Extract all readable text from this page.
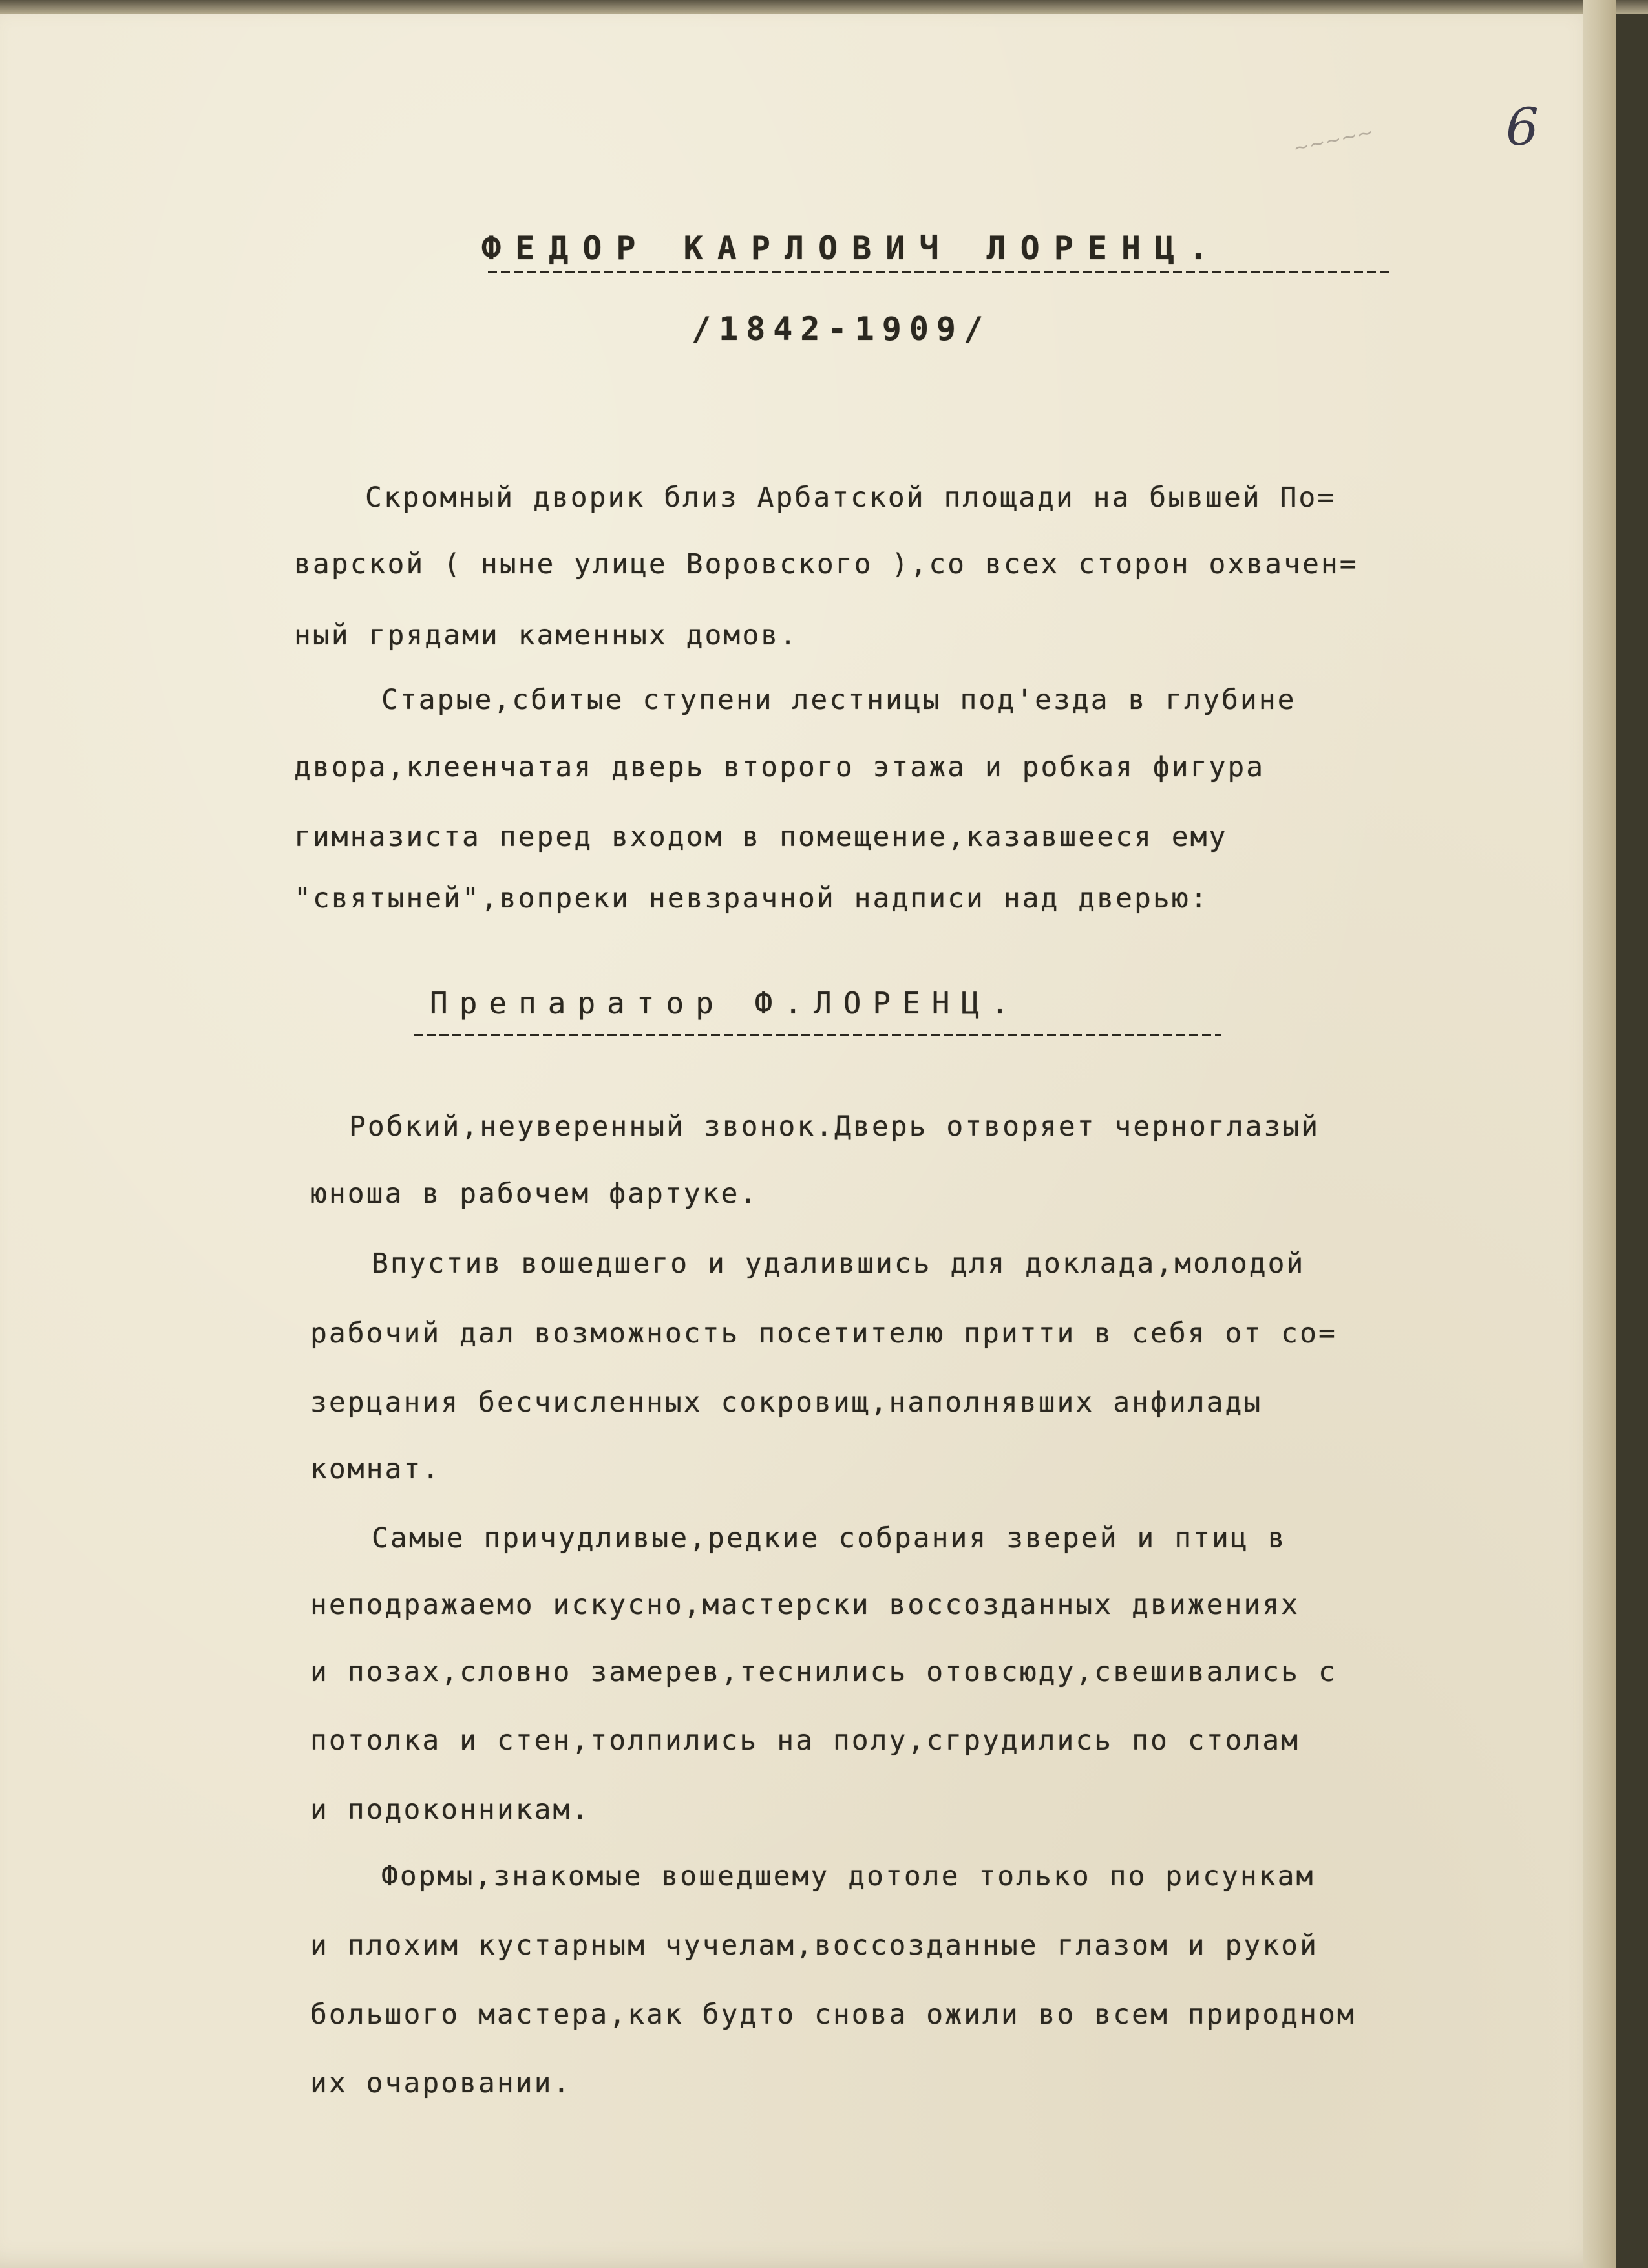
~~~~~	6
ФЕДОР КАРЛОВИЧ ЛОРЕНЦ.
/1842-1909/
Скромный дворик близ Арбатской площади на бывшей По=
варской ( ныне улице Воровского ),со всех сторон охвачен=
ный грядами каменных домов.
Старые,сбитые ступени лестницы под'езда в глубине
двора,клеенчатая дверь второго этажа и робкая фигура
гимназиста перед входом в помещение,казавшееся ему
"святыней",вопреки невзрачной надписи над дверью:
Препаратор Ф.ЛОРЕНЦ.
Робкий,неуверенный звонок.Дверь отворяет черноглазый
юноша в рабочем фартуке.
Впустив вошедшего и удалившись для доклада,молодой
рабочий дал возможность посетителю притти в себя от со=
зерцания бесчисленных сокровищ,наполнявших анфилады
комнат.
Самые причудливые,редкие собрания зверей и птиц в
неподражаемо искусно,мастерски воссозданных движениях
и позах,словно замерев,теснились отовсюду,свешивались с
потолка и стен,толпились на полу,сгрудились по столам
и подоконникам.
Формы,знакомые вошедшему дотоле только по рисункам
и плохим кустарным чучелам,воссозданные глазом и рукой
большого мастера,как будто снова ожили во всем природном
их очаровании.
